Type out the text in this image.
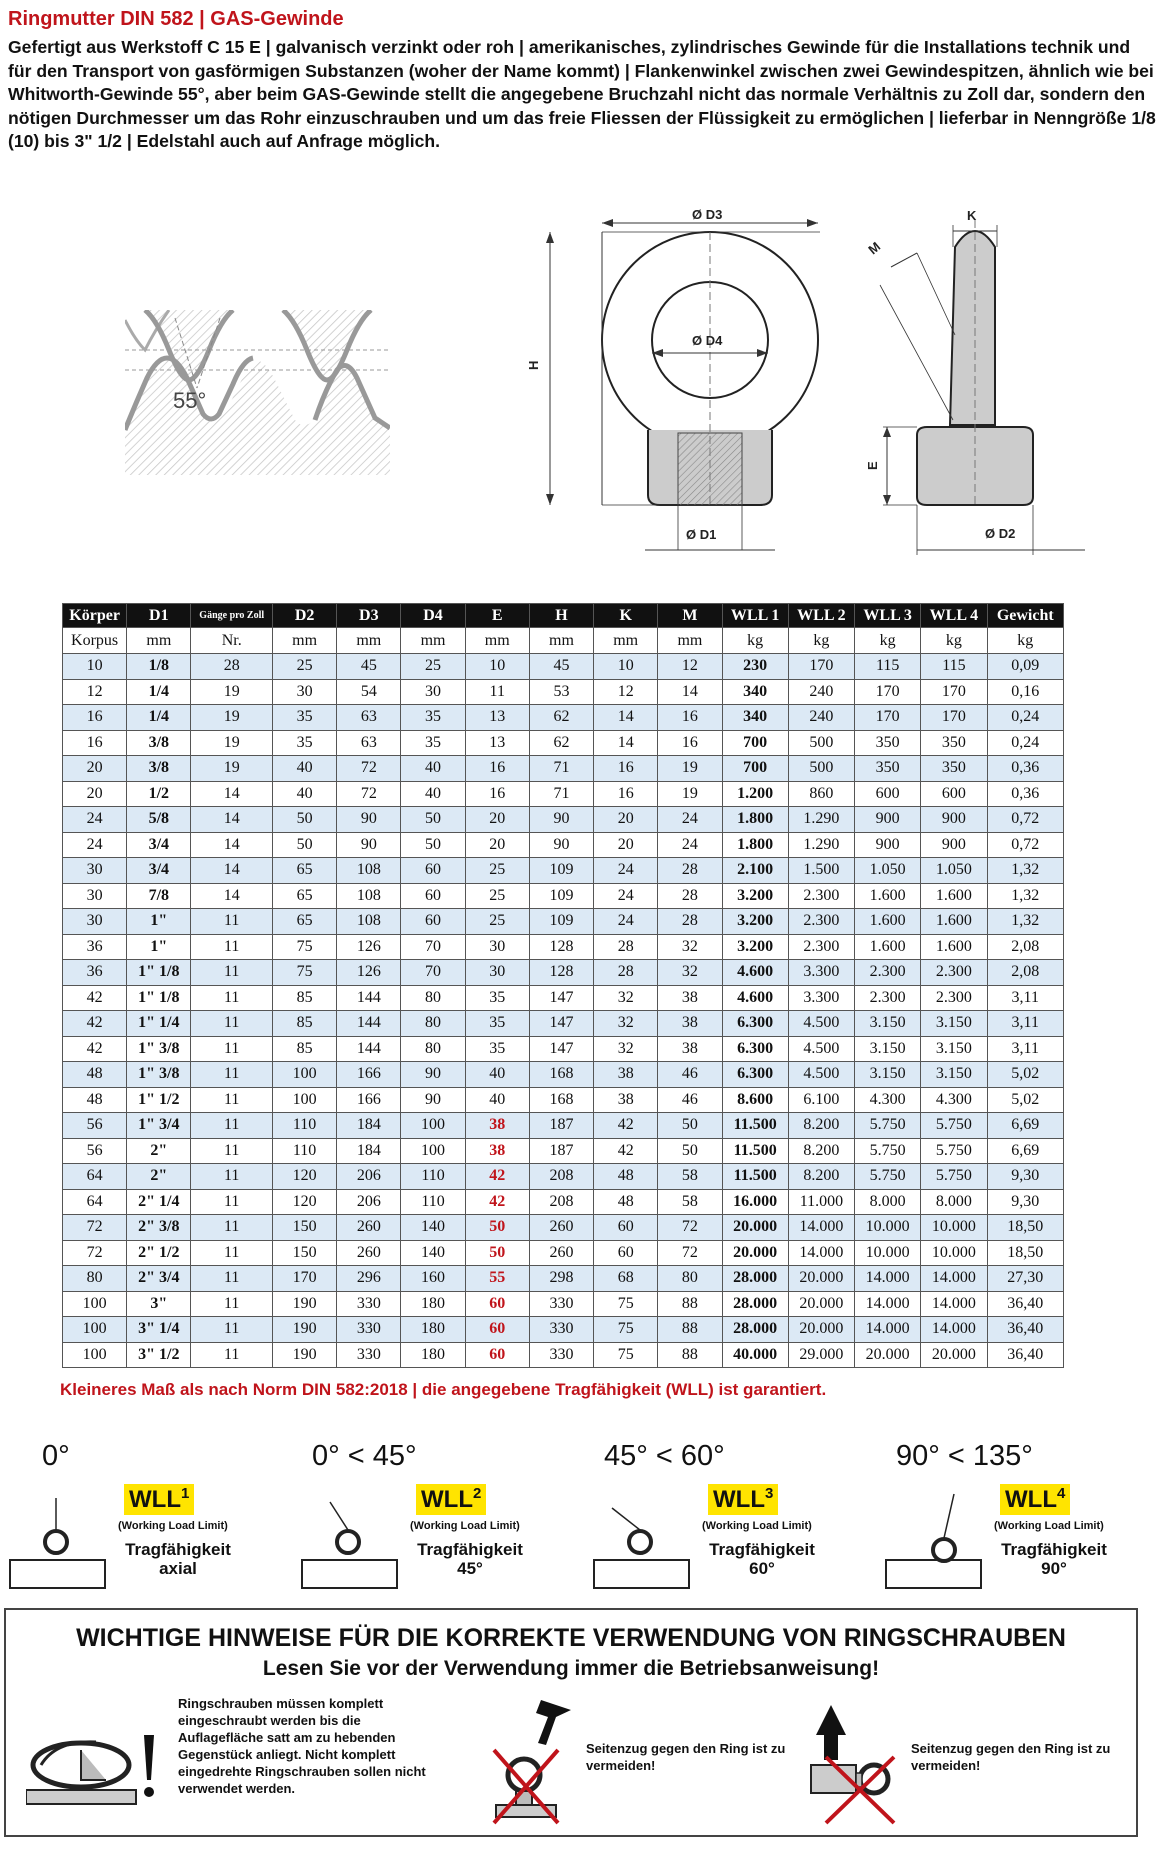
Ringmutter DIN 582 | GAS-Gewinde
Gefertigt aus Werkstoff C 15 E | galvanisch verzinkt oder roh | amerikanisches, zylindrisches Gewinde für die Installations technik und für den Transport von gasförmigen Substanzen (woher der Name kommt) | Flankenwinkel zwischen zwei Gewindespitzen, ähnlich wie bei Whitworth-Gewinde 55°, aber beim GAS-Gewinde stellt die angegebene Bruchzahl nicht das normale Verhältnis zu Zoll dar, sondern den nötigen Durchmesser um das Rohr einzuschrauben und um das freie Fliessen der Flüssigkeit zu ermöglichen | lieferbar in Nenngröße 1/8 (10) bis 3" 1/2 | Edelstahl auch auf Anfrage möglich.
55°
H
Ø D3
Ø D4
Ø D1
K
M
E
Ø D2
Körper	D1	Gänge pro Zoll	D2	D3	D4	E	H	K	M	WLL 1	WLL 2	WLL 3	WLL 4	Gewicht
Korpus	mm	Nr.	mm	mm	mm	mm	mm	mm	mm	kg	kg	kg	kg	kg
10	1/8	28	25	45	25	10	45	10	12	230	170	115	115	0,09
12	1/4	19	30	54	30	11	53	12	14	340	240	170	170	0,16
16	1/4	19	35	63	35	13	62	14	16	340	240	170	170	0,24
16	3/8	19	35	63	35	13	62	14	16	700	500	350	350	0,24
20	3/8	19	40	72	40	16	71	16	19	700	500	350	350	0,36
20	1/2	14	40	72	40	16	71	16	19	1.200	860	600	600	0,36
24	5/8	14	50	90	50	20	90	20	24	1.800	1.290	900	900	0,72
24	3/4	14	50	90	50	20	90	20	24	1.800	1.290	900	900	0,72
30	3/4	14	65	108	60	25	109	24	28	2.100	1.500	1.050	1.050	1,32
30	7/8	14	65	108	60	25	109	24	28	3.200	2.300	1.600	1.600	1,32
30	1"	11	65	108	60	25	109	24	28	3.200	2.300	1.600	1.600	1,32
36	1"	11	75	126	70	30	128	28	32	3.200	2.300	1.600	1.600	2,08
36	1" 1/8	11	75	126	70	30	128	28	32	4.600	3.300	2.300	2.300	2,08
42	1" 1/8	11	85	144	80	35	147	32	38	4.600	3.300	2.300	2.300	3,11
42	1" 1/4	11	85	144	80	35	147	32	38	6.300	4.500	3.150	3.150	3,11
42	1" 3/8	11	85	144	80	35	147	32	38	6.300	4.500	3.150	3.150	3,11
48	1" 3/8	11	100	166	90	40	168	38	46	6.300	4.500	3.150	3.150	5,02
48	1" 1/2	11	100	166	90	40	168	38	46	8.600	6.100	4.300	4.300	5,02
56	1" 3/4	11	110	184	100	38	187	42	50	11.500	8.200	5.750	5.750	6,69
56	2"	11	110	184	100	38	187	42	50	11.500	8.200	5.750	5.750	6,69
64	2"	11	120	206	110	42	208	48	58	11.500	8.200	5.750	5.750	9,30
64	2" 1/4	11	120	206	110	42	208	48	58	16.000	11.000	8.000	8.000	9,30
72	2" 3/8	11	150	260	140	50	260	60	72	20.000	14.000	10.000	10.000	18,50
72	2" 1/2	11	150	260	140	50	260	60	72	20.000	14.000	10.000	10.000	18,50
80	2" 3/4	11	170	296	160	55	298	68	80	28.000	20.000	14.000	14.000	27,30
100	3"	11	190	330	180	60	330	75	88	28.000	20.000	14.000	14.000	36,40
100	3" 1/4	11	190	330	180	60	330	75	88	28.000	20.000	14.000	14.000	36,40
100	3" 1/2	11	190	330	180	60	330	75	88	40.000	29.000	20.000	20.000	36,40
Kleineres Maß als nach Norm DIN 582:2018 | die angegebene Tragfähigkeit (WLL) ist garantiert.
0°
WLL$^1$
(Working Load Limit)
Tragfähigkeit
axial
0° < 45°
WLL$^2$
(Working Load Limit)
Tragfähigkeit
45°
45° < 60°
WLL$^3$
(Working Load Limit)
Tragfähigkeit
60°
90° < 135°
WLL$^4$
(Working Load Limit)
Tragfähigkeit
90°
WICHTIGE HINWEISE FÜR DIE KORREKTE VERWENDUNG VON RINGSCHRAUBEN
Lesen Sie vor der Verwendung immer die Betriebsanweisung!
Ringschrauben müssen komplett eingeschraubt werden bis die Auflagefläche satt am zu hebenden Gegenstück anliegt. Nicht komplett eingedrehte Ringschrauben sollen nicht verwendet werden.
Seitenzug gegen den Ring ist zu vermeiden!
Seitenzug gegen den Ring ist zu vermeiden!
